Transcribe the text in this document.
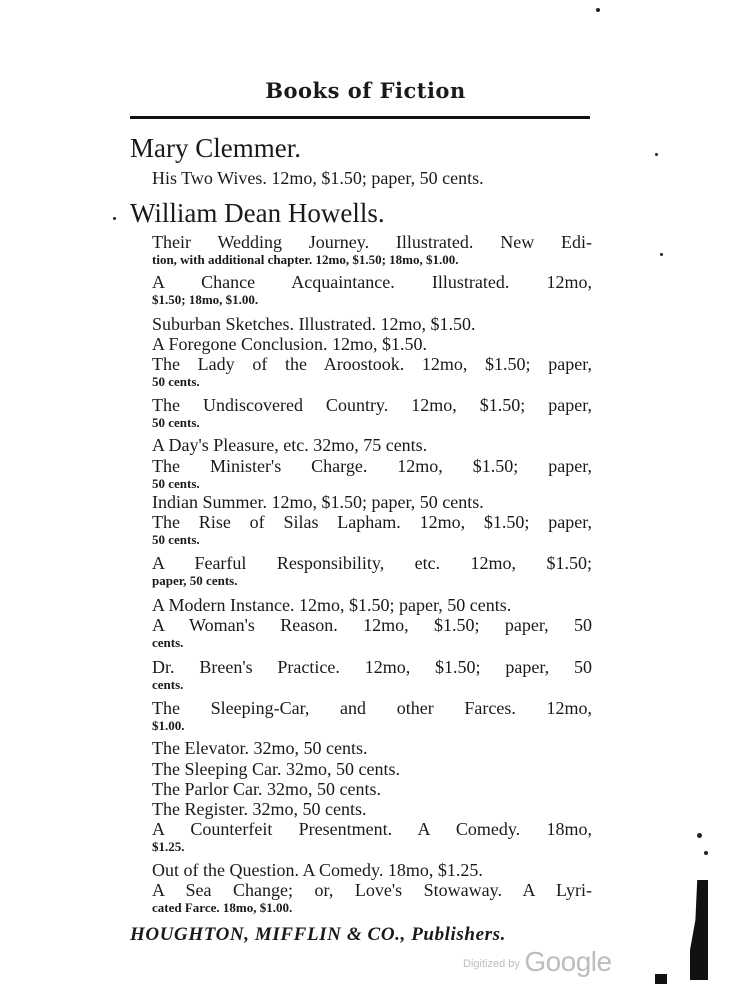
Books of Fiction
Mary Clemmer.
His Two Wives. 12mo, $1.50; paper, 50 cents.
William Dean Howells.
Their Wedding Journey. Illustrated. New Edi-
tion, with additional chapter. 12mo, $1.50; 18mo, $1.00.
A Chance Acquaintance. Illustrated. 12mo,
$1.50; 18mo, $1.00.
Suburban Sketches. Illustrated. 12mo, $1.50.
A Foregone Conclusion. 12mo, $1.50.
The Lady of the Aroostook. 12mo, $1.50; paper,
50 cents.
The Undiscovered Country. 12mo, $1.50; paper,
50 cents.
A Day's Pleasure, etc. 32mo, 75 cents.
The Minister's Charge. 12mo, $1.50; paper,
50 cents.
Indian Summer. 12mo, $1.50; paper, 50 cents.
The Rise of Silas Lapham. 12mo, $1.50; paper,
50 cents.
A Fearful Responsibility, etc. 12mo, $1.50;
paper, 50 cents.
A Modern Instance. 12mo, $1.50; paper, 50 cents.
A Woman's Reason. 12mo, $1.50; paper, 50
cents.
Dr. Breen's Practice. 12mo, $1.50; paper, 50
cents.
The Sleeping-Car, and other Farces. 12mo,
$1.00.
The Elevator. 32mo, 50 cents.
The Sleeping Car. 32mo, 50 cents.
The Parlor Car. 32mo, 50 cents.
The Register. 32mo, 50 cents.
A Counterfeit Presentment. A Comedy. 18mo,
$1.25.
Out of the Question. A Comedy. 18mo, $1.25.
A Sea Change; or, Love's Stowaway. A Lyri-
cated Farce. 18mo, $1.00.
HOUGHTON, MIFFLIN & CO., Publishers.
$^{Digitized by}$ Google
